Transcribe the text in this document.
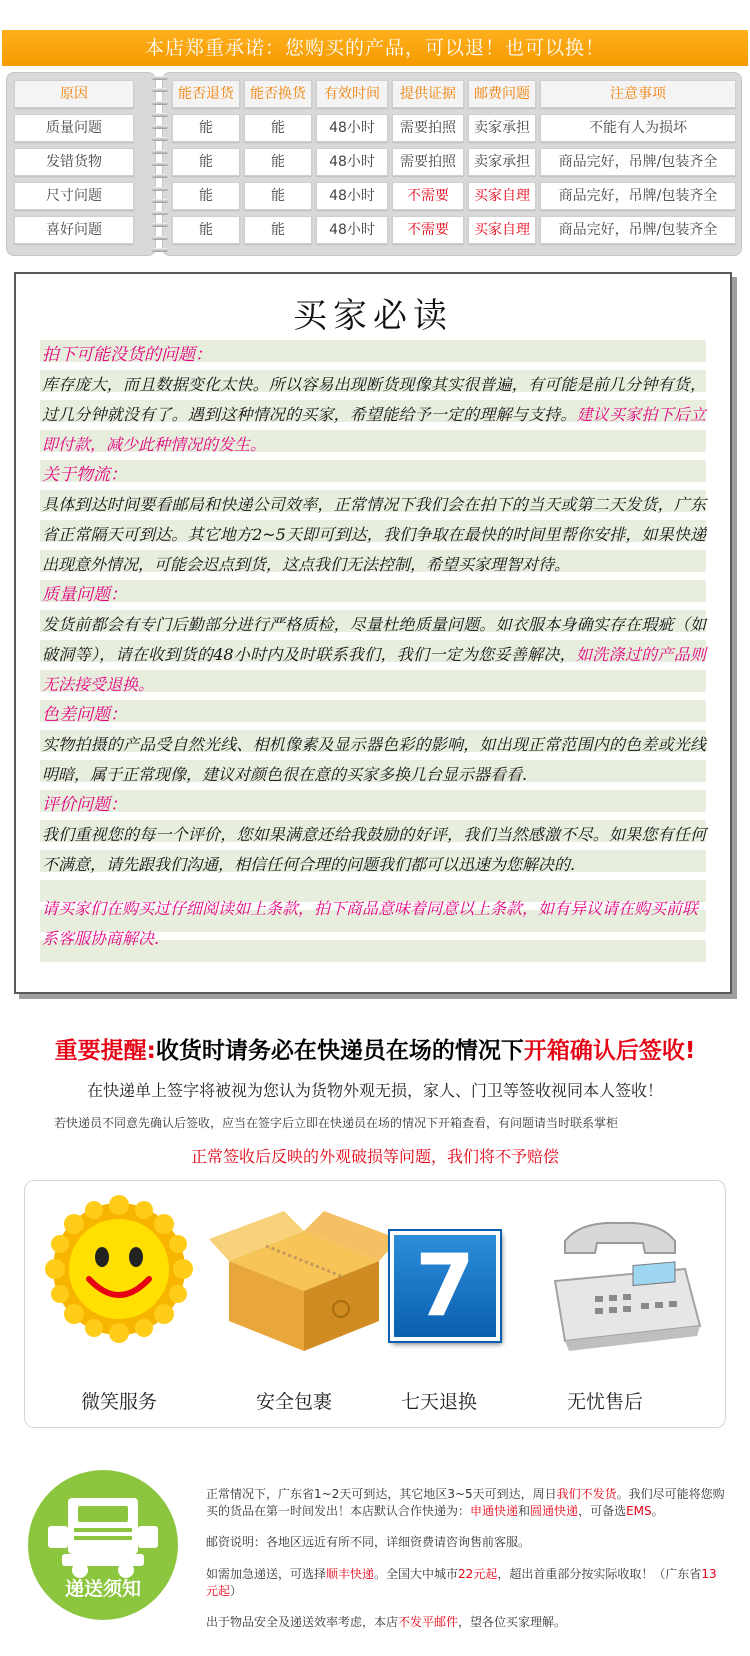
本店郑重承诺：您购买的产品，可以退！也可以换！
原因	能否退货	能否换货	有效时间	提供证据	邮费问题	注意事项
质量问题	能	能	48小时	需要拍照	卖家承担	不能有人为损坏
发错货物	能	能	48小时	需要拍照	卖家承担	商品完好，吊牌/包装齐全
尺寸问题	能	能	48小时	不需要	买家自理	商品完好，吊牌/包装齐全
喜好问题	能	能	48小时	不需要	买家自理	商品完好，吊牌/包装齐全
买家必读
拍下可能没货的问题：
库存庞大，而且数据变化太快。所以容易出现断货现像其实很普遍，有可能是前几分钟有货，过几分钟就没有了。遇到这种情况的买家，希望能给予一定的理解与支持。建议买家拍下后立即付款，减少此种情况的发生。
关于物流：
具体到达时间要看邮局和快递公司效率，正常情况下我们会在拍下的当天或第二天发货，广东省正常隔天可到达。其它地方2~5天即可到达，我们争取在最快的时间里帮你安排，如果快递出现意外情况，可能会迟点到货，这点我们无法控制，希望买家理智对待。
质量问题：
发货前都会有专门后勤部分进行严格质检，尽量杜绝质量问题。如衣服本身确实存在瑕疵（如破洞等），请在收到货的48小时内及时联系我们，我们一定为您妥善解决，如洗涤过的产品则无法接受退换。
色差问题：
实物拍摄的产品受自然光线、相机像素及显示器色彩的影响，如出现正常范围内的色差或光线明暗，属于正常现像，建议对颜色很在意的买家多换几台显示器看看.
评价问题：
我们重视您的每一个评价，您如果满意还给我鼓励的好评，我们当然感激不尽。如果您有任何不满意，请先跟我们沟通，相信任何合理的问题我们都可以迅速为您解决的.
请买家们在购买过仔细阅读如上条款，拍下商品意味着同意以上条款，如有异议请在购买前联系客服协商解决.
重要提醒:收货时请务必在快递员在场的情况下开箱确认后签收!
在快递单上签字将被视为您认为货物外观无损，家人、门卫等签收视同本人签收！
若快递员不同意先确认后签收，应当在签字后立即在快递员在场的情况下开箱查看，有问题请当时联系掌柜
正常签收后反映的外观破损等问题，我们将不予赔偿
微笑服务	安全包裹
7
七天退换	无忧售后
递送须知
正常情况下，广东省1~2天可到达，其它地区3~5天可到达，周日我们不发货。我们尽可能将您购买的货品在第一时间发出！本店默认合作快递为：申通快递和圆通快递，可备选EMS。
邮资说明：各地区远近有所不同，详细资费请咨询售前客服。
如需加急递送，可选择顺丰快递。全国大中城市22元起，超出首重部分按实际收取！（广东省13元起）
出于物品安全及递送效率考虑，本店不发平邮件，望各位买家理解。
